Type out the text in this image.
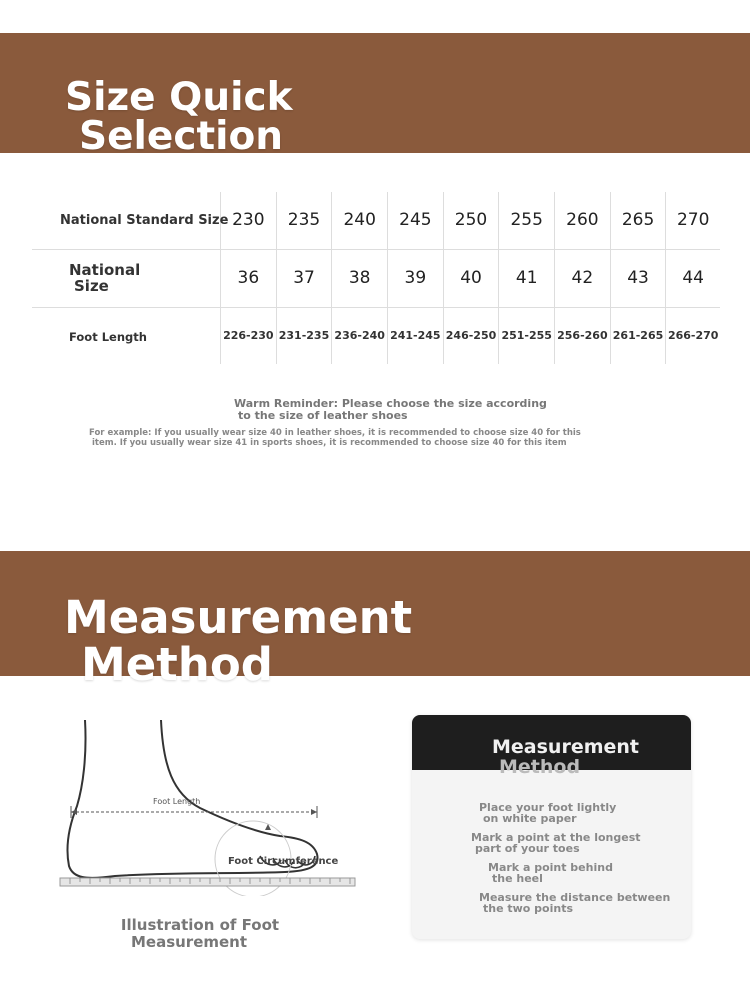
Size Quick
Selection
National Standard Size	230	235	240	245	250	255	260	265	270

National
Size	36	37	38	39	40	41	42	43	44
Foot Length	226-230	231-235	236-240	241-245	246-250	251-255	256-260	261-265	266-270
Warm Reminder: Please choose the size according
to the size of leather shoes
For example: If you usually wear size 40 in leather shoes, it is recommended to choose size 40 for this
item. If you usually wear size 41 in sports shoes, it is recommended to choose size 40 for this item
Measurement
Method
Foot Length
Foot Circumference
Illustration of Foot
Measurement
Measurement
Method
Place your foot lightly
on white paper
Mark a point at the longest
part of your toes
Mark a point behind
the heel
Measure the distance between
the two points
